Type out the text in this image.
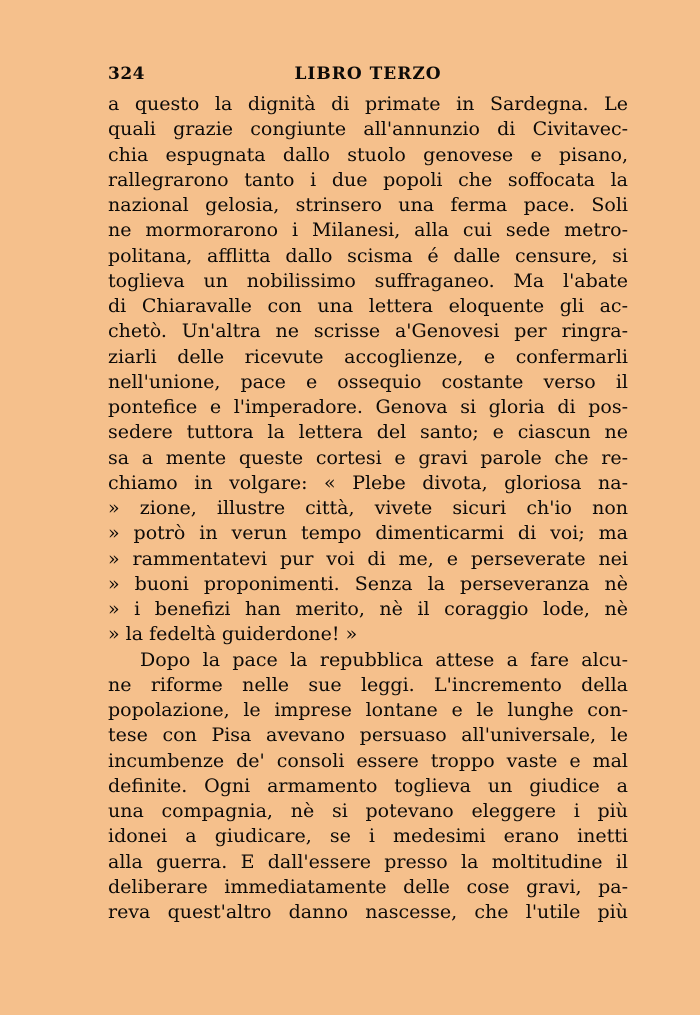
324	LIBRO TERZO
a questo la dignità di primate in Sardegna. Le
quali grazie congiunte all'annunzio di Civitavec-
chia espugnata dallo stuolo genovese e pisano,
rallegrarono tanto i due popoli che soffocata la
nazional gelosia, strinsero una ferma pace. Soli
ne mormorarono i Milanesi, alla cui sede metro-
politana, afflitta dallo scisma é dalle censure, si
toglieva un nobilissimo suffraganeo. Ma l'abate
di Chiaravalle con una lettera eloquente gli ac-
chetò. Un'altra ne scrisse a'Genovesi per ringra-
ziarli delle ricevute accoglienze, e confermarli
nell'unione, pace e ossequio costante verso il
pontefice e l'imperadore. Genova si gloria di pos-
sedere tuttora la lettera del santo; e ciascun ne
sa a mente queste cortesi e gravi parole che re-
chiamo in volgare: « Plebe divota, gloriosa na-
» zione, illustre città, vivete sicuri ch'io non
» potrò in verun tempo dimenticarmi di voi; ma
» rammentatevi pur voi di me, e perseverate nei
» buoni proponimenti. Senza la perseveranza nè
» i benefizi han merito, nè il coraggio lode, nè
» la fedeltà guiderdone! »
Dopo la pace la repubblica attese a fare alcu-
ne riforme nelle sue leggi. L'incremento della
popolazione, le imprese lontane e le lunghe con-
tese con Pisa avevano persuaso all'universale, le
incumbenze de' consoli essere troppo vaste e mal
definite. Ogni armamento toglieva un giudice a
una compagnia, nè si potevano eleggere i più
idonei a giudicare, se i medesimi erano inetti
alla guerra. E dall'essere presso la moltitudine il
deliberare immediatamente delle cose gravi, pa-
reva quest'altro danno nascesse, che l'utile più
